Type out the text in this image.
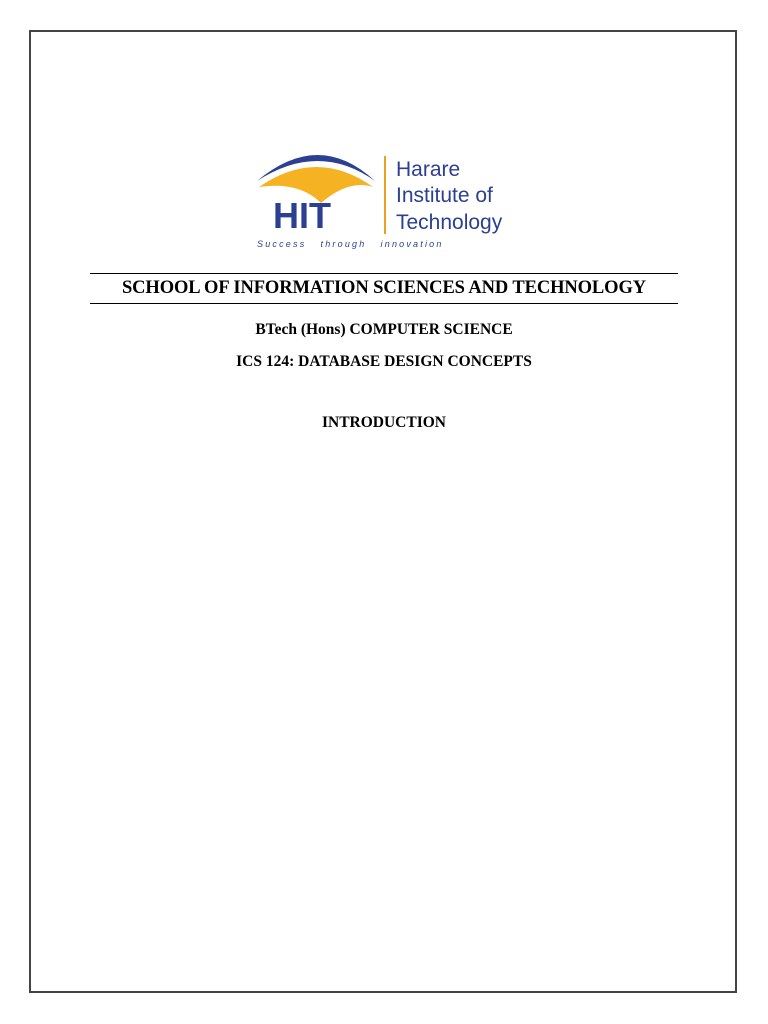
HIT
Harare
Institute of
Technology
Success   through   innovation
SCHOOL OF INFORMATION SCIENCES AND TECHNOLOGY
BTech (Hons) COMPUTER SCIENCE
ICS 124: DATABASE DESIGN CONCEPTS
INTRODUCTION
